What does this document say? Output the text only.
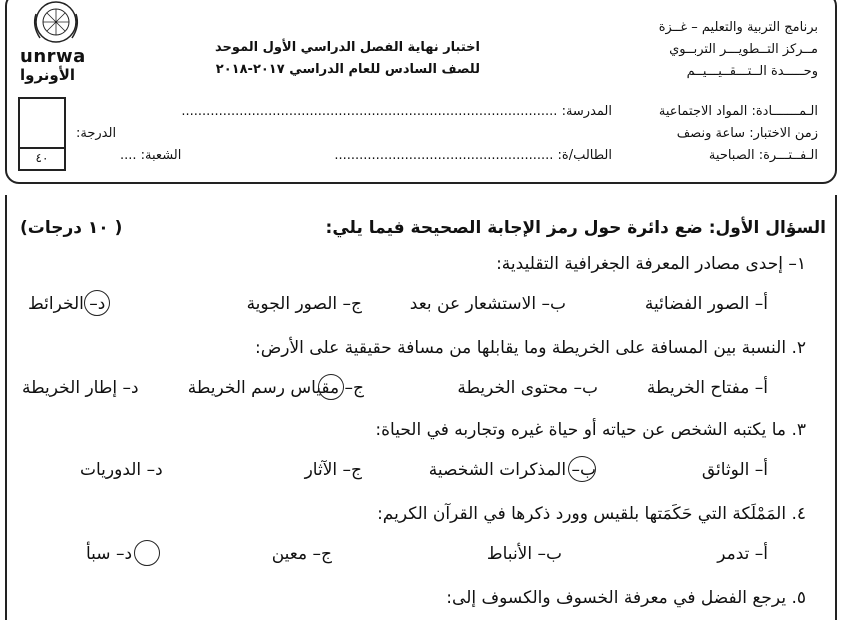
برنامج التربية والتعليم – غــزة
مــركز التــطويـــر التربــوي
وحـــــدة الــتـــقــيـــيــم
اختبار نهاية الفصل الدراسي الأول الموحد
للصف السادس للعام الدراسي ٢٠١٧-٢٠١٨
unrwa
الأونروا
الـمـــــــادة: المواد الاجتماعية
زمن الاختبار: ساعة ونصف
الـفــتـــرة: الصباحية
المدرسة: ...........................................................................................
الطالب/ة: .....................................................
الشعبة: ....
الدرجة:
٤٠
السؤال الأول: ضع دائرة حول رمز الإجابة الصحيحة فيما يلي:
( ١٠ درجات)
١– إحدى مصادر المعرفة الجغرافية التقليدية:
أ– الصور الفضائية
ب– الاستشعار عن بعد
ج– الصور الجوية
د– الخرائط
٢. النسبة بين المسافة على الخريطة وما يقابلها من مسافة حقيقية على الأرض:
أ– مفتاح الخريطة
ب– محتوى الخريطة
ج– مقياس رسم الخريطة
د– إطار الخريطة
٣. ما يكتبه الشخص عن حياته أو حياة غيره وتجاربه في الحياة:
أ– الوثائق
ب– المذكرات الشخصية
ج– الآثار
د– الدوريات
٤. المَمْلَكة التي حَكَمَتها بلقيس وورد ذكرها في القرآن الكريم:
أ– تدمر
ب– الأنباط
ج– معين
د– سبأ
٥. يرجع الفضل في معرفة الخسوف والكسوف إلى:
